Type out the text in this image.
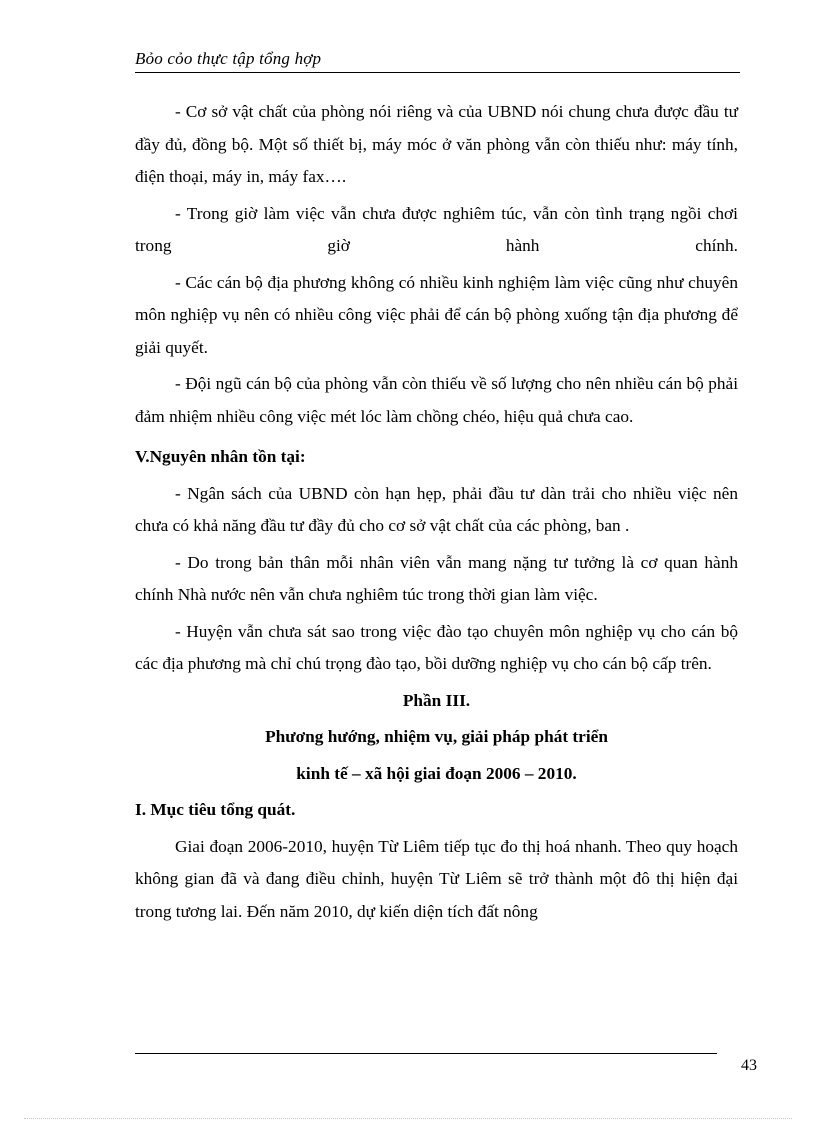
Bỏo cỏo thực tập tổng hợp

- Cơ sở vật chất của phòng nói riêng và của UBND nói chung chưa được đầu tư đầy đủ, đồng bộ. Một số thiết bị, máy móc ở văn phòng vẫn còn thiếu như: máy tính, điện thoại, máy in, máy fax….

- Trong giờ làm việc vẫn chưa được nghiêm túc, vẫn còn tình trạng ngồi chơi trong giờ hành chính.

- Các cán bộ địa phương không có nhiều kinh nghiệm làm việc cũng như chuyên môn nghiệp vụ nên có nhiều công việc phải để cán bộ phòng xuống tận địa phương để giải quyết.

- Đội ngũ cán bộ của phòng vẫn còn thiếu về số lượng cho nên nhiều cán bộ phải đảm nhiệm nhiều công việc mét lóc làm chồng chéo, hiệu quả chưa cao.

V.Nguyên nhân tồn tại:

- Ngân sách của UBND còn hạn hẹp, phải đầu tư dàn trải cho nhiều việc nên chưa có khả năng đầu tư đầy đủ cho cơ sở vật chất của các phòng, ban .

- Do trong bản thân mỗi nhân viên vẫn mang nặng tư tưởng là cơ quan hành chính Nhà nước nên vẫn chưa nghiêm túc trong thời gian làm việc.

- Huyện vẫn chưa sát sao trong việc đào tạo chuyên môn nghiệp vụ cho cán bộ các địa phương mà chỉ chú trọng đào tạo, bồi dưỡng nghiệp vụ cho cán bộ cấp trên.

Phần III.
Phương hướng, nhiệm vụ, giải pháp phát triển
kinh tế – xã hội giai đoạn 2006 – 2010.
I. Mục tiêu tổng quát.

Giai đoạn 2006-2010, huyện Từ Liêm tiếp tục đo thị hoá nhanh. Theo quy hoạch không gian đã và đang điều chỉnh, huyện Từ Liêm sẽ trở thành một đô thị hiện đại trong tương lai. Đến năm 2010, dự kiến diện tích đất nông

43
